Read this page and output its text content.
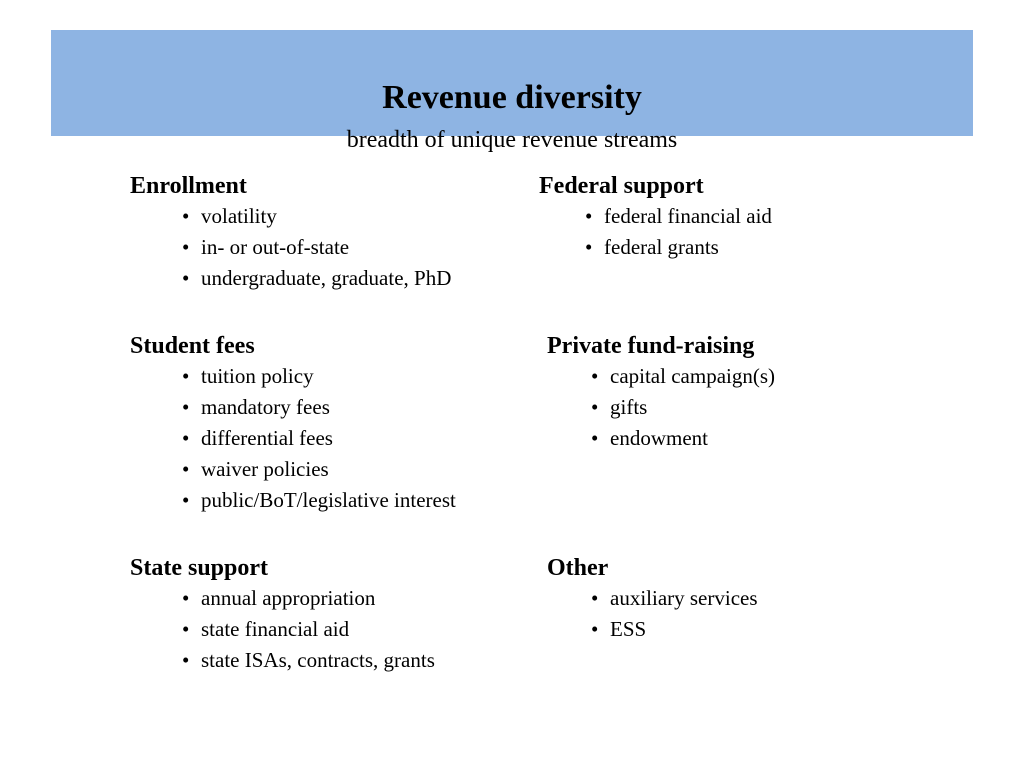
Revenue diversity
breadth of unique revenue streams
Enrollment
• volatility
• in- or out-of-state
• undergraduate, graduate, PhD
Federal support
• federal financial aid
• federal grants
Student fees
• tuition policy
• mandatory fees
• differential fees
• waiver policies
• public/BoT/legislative interest
Private fund-raising
• capital campaign(s)
• gifts
• endowment
State support
• annual appropriation
• state financial aid
• state ISAs, contracts, grants
Other
• auxiliary services
• ESS
